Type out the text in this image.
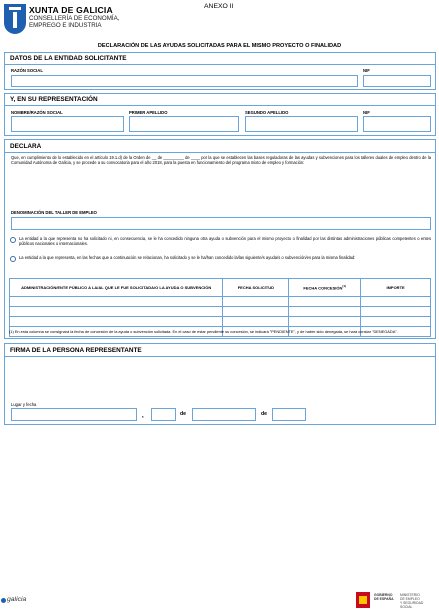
XUNTA DE GALICIA
CONSELLERÍA DE ECONOMÍA,
EMPREGO E INDUSTRIA
ANEXO II
DECLARACIÓN DE LAS AYUDAS SOLICITADAS PARA EL MISMO PROYECTO O FINALIDAD
DATOS DE LA ENTIDAD SOLICITANTE
RAZÓN SOCIAL	NIF
Y, EN SU REPRESENTACIÓN
NOMBRE/RAZÓN SOCIAL	PRIMER APELLIDO	SEGUNDO APELLIDO	NIF
DECLARA
Que, en cumplimiento de lo establecido en el artículo 19.1.d) de la Orden de __ de _________ de ____ por la que se establecen las bases reguladoras de las ayudas y subvenciones para los talleres duales de empleo dentro de la Comunidad Autónoma de Galicia, y se procede a su convocatoria para el año 2018, para la puesta en funcionamiento del programa mixto de empleo y formación:
DENOMINACIÓN DEL TALLER DE EMPLEO
La entidad a la que representa no ha solicitado ni, en consecuencia, se le ha concedido ninguna otra ayuda o subvención para el mismo proyecto o finalidad por las distintas administraciones públicas competentes o entes públicos nacionales o internacionales.
La entidad a la que representa, en las fechas que a continuación se relacionan, ha solicitado y se le ha/han concedido la/las siguiente/s ayuda/s o subvención/es para la misma finalidad:
ADMINISTRACIÓN/ENTE PÚBLICO A LA/AL QUE LE FUE SOLICITADA/O LA AYUDA O SUBVENCIÓN	FECHA SOLICITUD	FECHA CONCESIÓN$^{(1)}$	IMPORTE

(1) En esta columna se consignará la fecha de concesión de la ayuda o subvención solicitada. En el caso de estar pendiente su concesión, se indicará "PENDIENTE", y de haber sido denegada, se hará constar "DENEGADA".
FIRMA DE LA PERSONA REPRESENTANTE
Lugar y fecha
,	de	de
galicia
GOBIERNO
DE ESPAÑA
MINISTERIO
DE EMPLEO
Y SEGURIDAD SOCIAL
